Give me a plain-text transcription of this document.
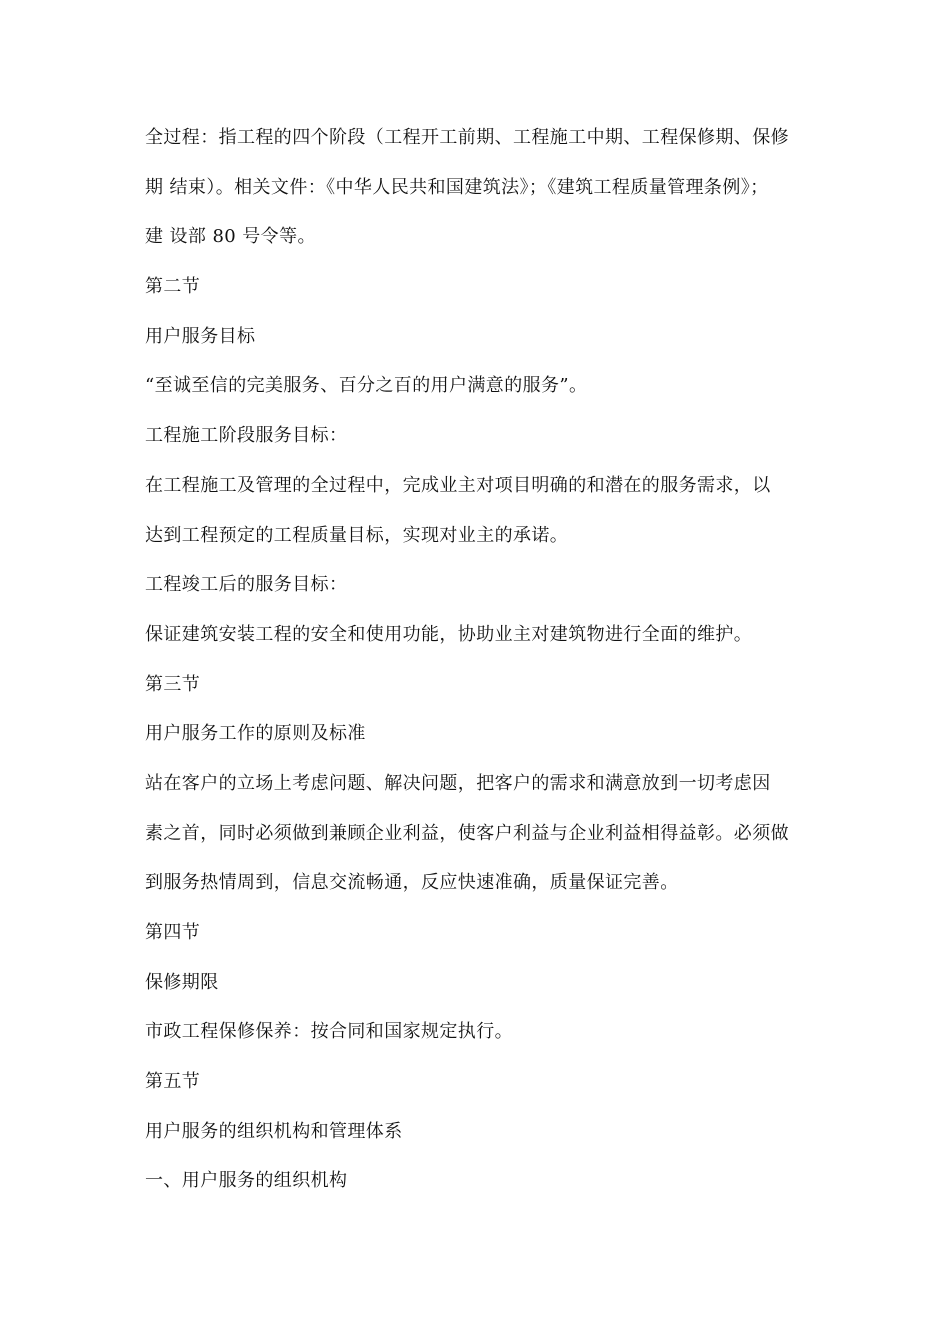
全过程：指工程的四个阶段（工程开工前期、工程施工中期、工程保修期、保修
期 结束）。相关文件：《中华人民共和国建筑法》；《建筑工程质量管理条例》；
建 设部 80 号令等。
第二节
用户服务目标
“至诚至信的完美服务、百分之百的用户满意的服务”。
工程施工阶段服务目标：
在工程施工及管理的全过程中，完成业主对项目明确的和潜在的服务需求，以
达到工程预定的工程质量目标，实现对业主的承诺。
工程竣工后的服务目标：
保证建筑安装工程的安全和使用功能，协助业主对建筑物进行全面的维护。
第三节
用户服务工作的原则及标准
站在客户的立场上考虑问题、解决问题，把客户的需求和满意放到一切考虑因
素之首，同时必须做到兼顾企业利益，使客户利益与企业利益相得益彰。必须做
到服务热情周到，信息交流畅通，反应快速准确，质量保证完善。
第四节
保修期限
市政工程保修保养：按合同和国家规定执行。
第五节
用户服务的组织机构和管理体系
一、用户服务的组织机构
